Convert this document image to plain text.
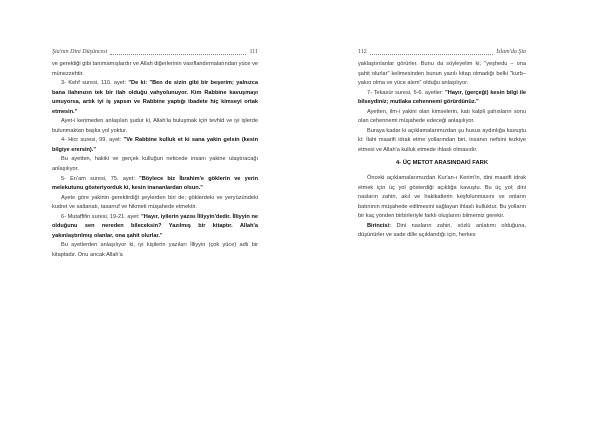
Şia'nın Dini Düşüncesi	111

ve gerektiği gibi tanımamışlardır ve Allah diğerlerinin vasıflandırmalarından yüce ve münezzehtir.

3- Kehf suresi, 110. ayet: "De ki: "Ben de sizin gibi bir beşerim; yalnızca bana ilahınızın tek bir ilah olduğu vahyolunuyor. Kim Rabbine kavuşmayı umuyorsa, artık iyi iş yapsın ve Rabbine yaptığı ibadete hiç kimseyi ortak etmesin."

Ayet-i kerimeden anlaşılan şudur ki, Allah'la buluşmak için tevhid ve iyi işlerde bulunmaktan başka yol yoktur.

4- Hicr suresi, 99. ayet: "Ve Rabbine kulluk et ki sana yakin gelsin (kesin bilgiye erersin)."

Bu ayetten, hakiki ve gerçek kulluğun neticede insanı yakine ulaştıracağı anlaşılıyor.

5- En'am suresi, 75. ayet: "Böylece biz İbrahim'e göklerin ve yerin melekutunu gösteriyorduk ki, kesin inananlardan olsun."

Ayete göre yakinin gerektirdiği şeylerden biri de; göklerdeki ve yeryüzündeki kudret ve saltanatı, tasarruf ve hikmeti müşahede etmektir.

6- Mutaffifin suresi, 19-21. ayet: "Hayır, iyilerin yazısı İlliyyin'dedir. İlliyyin ne olduğunu sen nereden bileceksin? Yazılmış bir kitaptır. Allah'a yakınlaştırılmış olanlar, ona şahit olurlar."

Bu ayetlerden anlaşılıyor ki, iyi kişilerin yazıları İlliyyin (çok yüce) adlı bir kitaptadır. Onu ancak Allah'a

112	İslam'da Şia

yaklaştırılanlar görürler. Bunu da söyleyelim ki, "yeşhedu – ona şahit olurlar" kelimesinden bunun yazılı kitap olmadığı belki "kurb–yakın olma ve yüce alem" olduğu anlaşılıyor.

7- Tekasür suresi, 5-6. ayetler: "Hayır, (gerçeği) kesin bilgi ile bilseydiniz; mutlaka cehennemi görürdünüz."

Ayetten, ilm-i yakini olan kimselerin, katı kalpli şahısların sonu olan cehennemi müşahede edeceği anlaşılıyor.

Buraya kadar ki açıklamalarımızdan şu husus aydınlığa kavuştu ki: İlahi maarifi idrak etme yollarından biri, insanın nefsini tezkiye etmesi ve Allah'a kulluk etmede ihlaslı olmasıdır.

4- ÜÇ METOT ARASINDAKİ FARK

Önceki açıklamalarımızdan Kur'an-ı Kerim'in, dini maarifi idrak etmek için üç yol gösterdiği açıklığa kavuştu. Bu üç yol; dini nasların zahiri, akıl ve hakikatlerin keşfolunmasını ve onların batınının müşahede edilmesini sağlayan ihlaslı kulluktur. Bu yolların bir kaç yönden birbirleriyle farklı oluşlarını bilmemiz gerekir.

Birincisi: Dini nasların zahiri, sözlü anlatımı olduğuna, düşünürler ve sade dille açıklandığı için, herkes
